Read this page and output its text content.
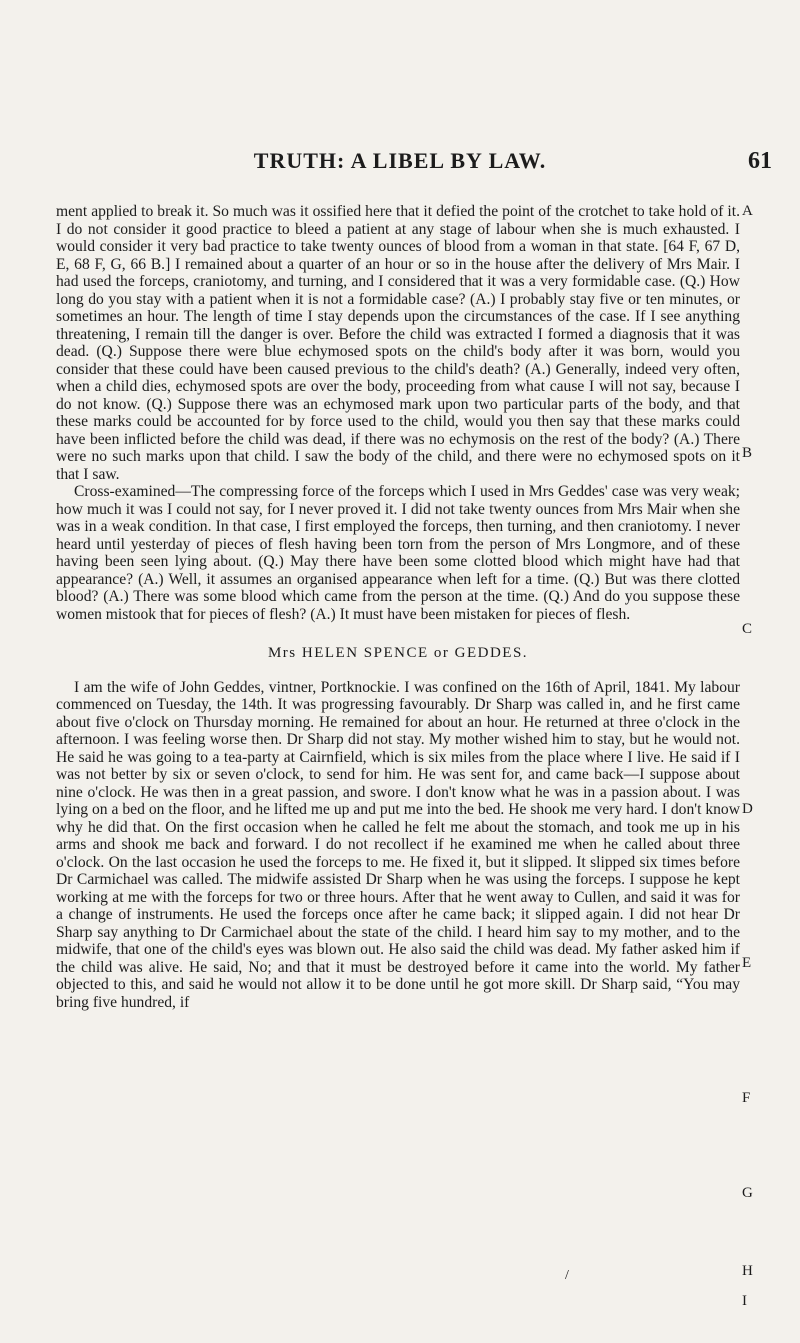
TRUTH: A LIBEL BY LAW.	61

ment applied to break it. So much was it ossified here that it defied the point of the crotchet to take hold of it. I do not consider it good practice to bleed a patient at any stage of labour when she is much exhausted. I would consider it very bad practice to take twenty ounces of blood from a woman in that state. [64 F, 67 D, E, 68 F, G, 66 B.] I remained about a quarter of an hour or so in the house after the delivery of Mrs Mair. I had used the forceps, craniotomy, and turning, and I considered that it was a very formidable case. (Q.) How long do you stay with a patient when it is not a formidable case? (A.) I probably stay five or ten minutes, or sometimes an hour. The length of time I stay depends upon the circumstances of the case. If I see anything threatening, I remain till the danger is over. Before the child was extracted I formed a diagnosis that it was dead. (Q.) Suppose there were blue echymosed spots on the child's body after it was born, would you consider that these could have been caused previous to the child's death? (A.) Generally, indeed very often, when a child dies, echymosed spots are over the body, proceeding from what cause I will not say, because I do not know. (Q.) Suppose there was an echymosed mark upon two particular parts of the body, and that these marks could be accounted for by force used to the child, would you then say that these marks could have been inflicted before the child was dead, if there was no echymosis on the rest of the body? (A.) There were no such marks upon that child. I saw the body of the child, and there were no echymosed spots on it that I saw.

Cross-examined—The compressing force of the forceps which I used in Mrs Geddes' case was very weak; how much it was I could not say, for I never proved it. I did not take twenty ounces from Mrs Mair when she was in a weak condition. In that case, I first employed the forceps, then turning, and then craniotomy. I never heard until yesterday of pieces of flesh having been torn from the person of Mrs Longmore, and of these having been seen lying about. (Q.) May there have been some clotted blood which might have had that appearance? (A.) Well, it assumes an organised appearance when left for a time. (Q.) But was there clotted blood? (A.) There was some blood which came from the person at the time. (Q.) And do you suppose these women mistook that for pieces of flesh? (A.) It must have been mistaken for pieces of flesh.

Mrs HELEN SPENCE or GEDDES.

I am the wife of John Geddes, vintner, Portknockie. I was confined on the 16th of April, 1841. My labour commenced on Tuesday, the 14th. It was progressing favourably. Dr Sharp was called in, and he first came about five o'clock on Thursday morning. He remained for about an hour. He returned at three o'clock in the afternoon. I was feeling worse then. Dr Sharp did not stay. My mother wished him to stay, but he would not. He said he was going to a tea-party at Cairnfield, which is six miles from the place where I live. He said if I was not better by six or seven o'clock, to send for him. He was sent for, and came back—I suppose about nine o'clock. He was then in a great passion, and swore. I don't know what he was in a passion about. I was lying on a bed on the floor, and he lifted me up and put me into the bed. He shook me very hard. I don't know why he did that. On the first occasion when he called he felt me about the stomach, and took me up in his arms and shook me back and forward. I do not recollect if he examined me when he called about three o'clock. On the last occasion he used the forceps to me. He fixed it, but it slipped. It slipped six times before Dr Carmichael was called. The midwife assisted Dr Sharp when he was using the forceps. I suppose he kept working at me with the forceps for two or three hours. After that he went away to Cullen, and said it was for a change of instruments. He used the forceps once after he came back; it slipped again. I did not hear Dr Sharp say anything to Dr Carmichael about the state of the child. I heard him say to my mother, and to the midwife, that one of the child's eyes was blown out. He also said the child was dead. My father asked him if the child was alive. He said, No; and that it must be destroyed before it came into the world. My father objected to this, and said he would not allow it to be done until he got more skill. Dr Sharp said, “You may bring five hundred, if

A
B
C
D
E
F
G
H
I
/
